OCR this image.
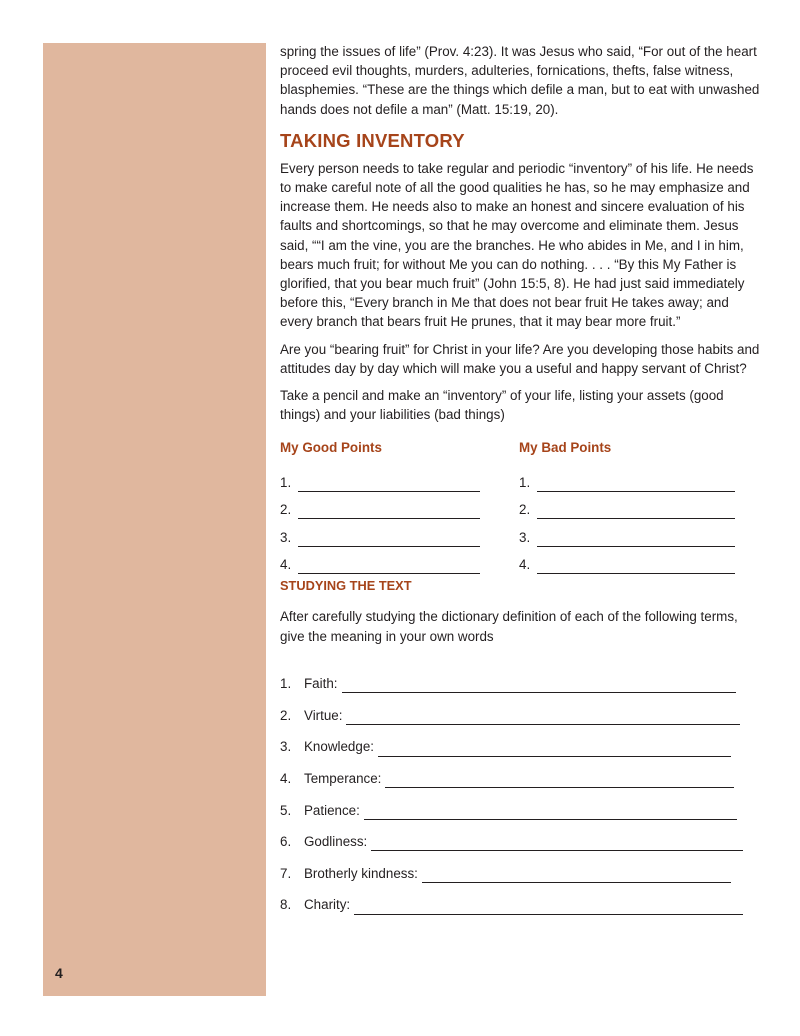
4

spring the issues of life” (Prov. 4:23). It was Jesus who said, “For out of the heart proceed evil thoughts, murders, adulteries, fornications, thefts, false witness, blasphemies. “These are the things which defile a man, but to eat with unwashed hands does not defile a man” (Matt. 15:19, 20).

TAKING INVENTORY

Every person needs to take regular and periodic “inventory” of his life. He needs to make careful note of all the good qualities he has, so he may emphasize and increase them. He needs also to make an honest and sincere evaluation of his faults and shortcomings, so that he may overcome and eliminate them. Jesus said, ““I am the vine, you are the branches. He who abides in Me, and I in him, bears much fruit; for without Me you can do nothing. . . . “By this My Father is glorified, that you bear much fruit” (John 15:5, 8). He had just said immediately before this, “Every branch in Me that does not bear fruit He takes away; and every branch that bears fruit He prunes, that it may bear more fruit.”

Are you “bearing fruit” for Christ in your life? Are you developing those habits and attitudes day by day which will make you a useful and happy servant of Christ?

Take a pencil and make an “inventory” of your life, listing your assets (good things) and your liabilities (bad things)

My Good Points
1.
2.
3.
4.
My Bad Points
1.
2.
3.
4.
STUDYING THE TEXT

After carefully studying the dictionary definition of each of the following terms, give the meaning in your own words

1. Faith:
2. Virtue:
3. Knowledge:
4. Temperance:
5. Patience:
6. Godliness:
7. Brotherly kindness:
8. Charity:
